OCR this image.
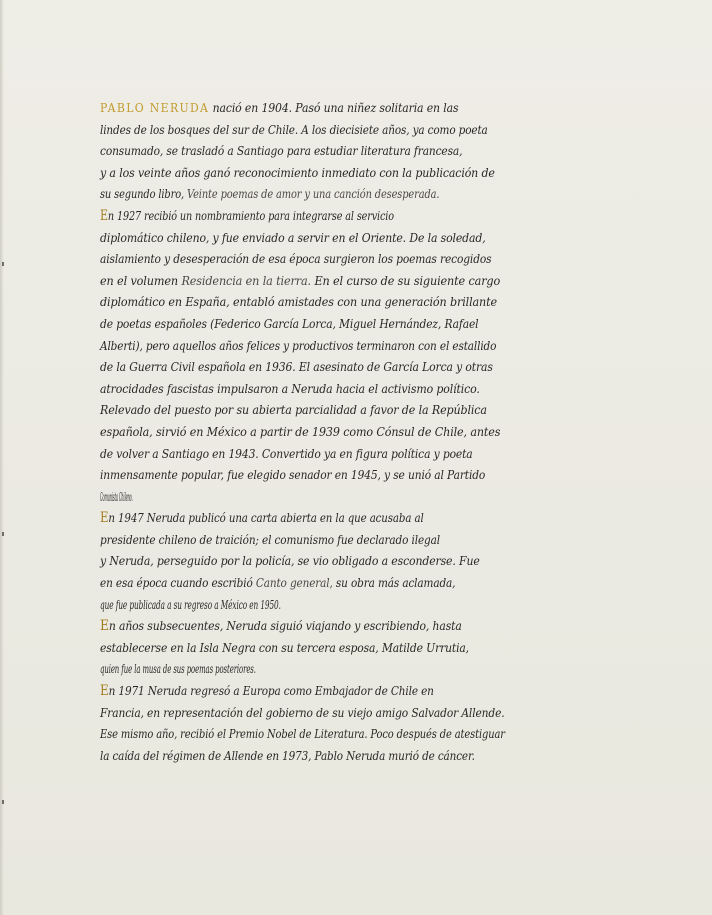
PABLO NERUDA nació en 1904. Pasó una niñez solitaria en las
lindes de los bosques del sur de Chile. A los diecisiete años, ya como poeta
consumado, se trasladó a Santiago para estudiar literatura francesa,
y a los veinte años ganó reconocimiento inmediato con la publicación de
su segundo libro, Veinte poemas de amor y una canción desesperada.
En 1927 recibió un nombramiento para integrarse al servicio
diplomático chileno, y fue enviado a servir en el Oriente. De la soledad,
aislamiento y desesperación de esa época surgieron los poemas recogidos
en el volumen Residencia en la tierra. En el curso de su siguiente cargo
diplomático en España, entabló amistades con una generación brillante
de poetas españoles (Federico García Lorca, Miguel Hernández, Rafael
Alberti), pero aquellos años felices y productivos terminaron con el estallido
de la Guerra Civil española en 1936. El asesinato de García Lorca y otras
atrocidades fascistas impulsaron a Neruda hacia el activismo político.
Relevado del puesto por su abierta parcialidad a favor de la República
española, sirvió en México a partir de 1939 como Cónsul de Chile, antes
de volver a Santiago en 1943. Convertido ya en figura política y poeta
inmensamente popular, fue elegido senador en 1945, y se unió al Partido
Comunista Chileno.
En 1947 Neruda publicó una carta abierta en la que acusaba al
presidente chileno de traición; el comunismo fue declarado ilegal
y Neruda, perseguido por la policía, se vio obligado a esconderse. Fue
en esa época cuando escribió Canto general, su obra más aclamada,
que fue publicada a su regreso a México en 1950.
En años subsecuentes, Neruda siguió viajando y escribiendo, hasta
establecerse en la Isla Negra con su tercera esposa, Matilde Urrutia,
quien fue la musa de sus poemas posteriores.
En 1971 Neruda regresó a Europa como Embajador de Chile en
Francia, en representación del gobierno de su viejo amigo Salvador Allende.
Ese mismo año, recibió el Premio Nobel de Literatura. Poco después de atestiguar
la caída del régimen de Allende en 1973, Pablo Neruda murió de cáncer.
